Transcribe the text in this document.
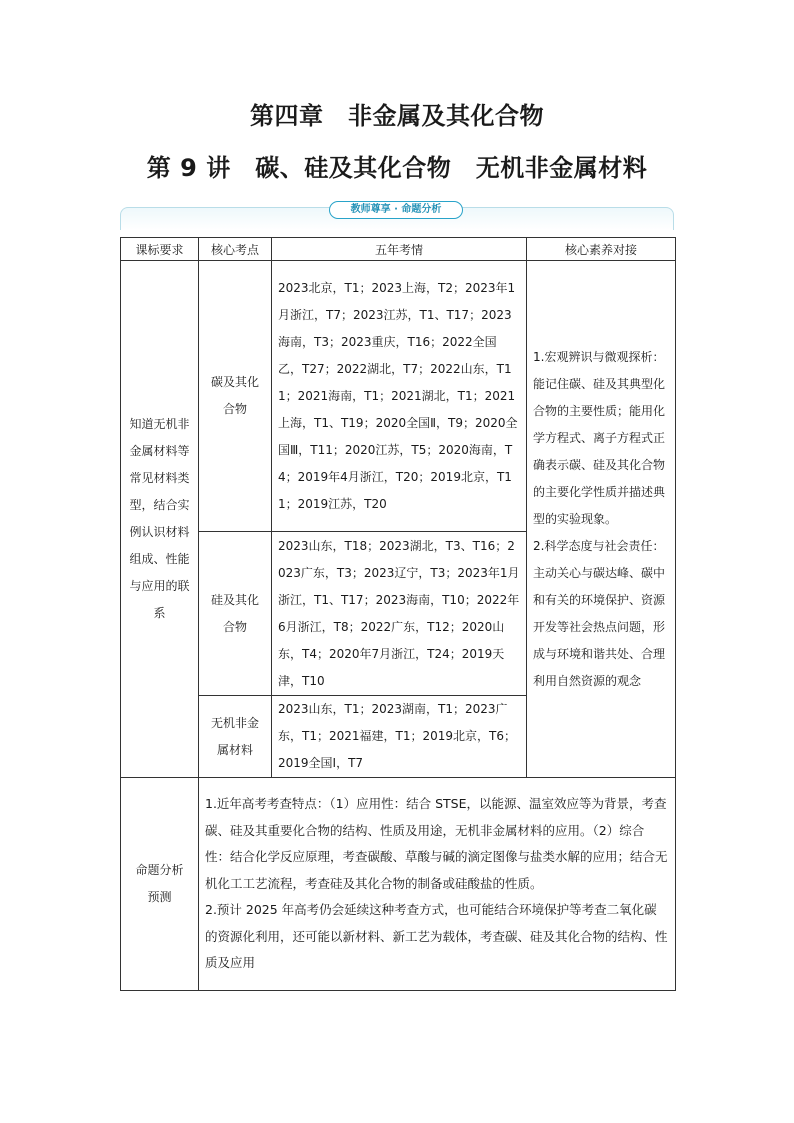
第四章　非金属及其化合物
第 9 讲　碳、硅及其化合物　无机非金属材料
教师尊享 · 命题分析
课标要求	核心考点	五年考情	核心素养对接

知道无机非金属材料等常见材料类型，结合实例认识材料组成、性能与应用的联系	碳及其化合物	2023北京，T1；2023上海，T2；2023年1月浙江，T7；2023江苏，T1、T17；2023海南，T3；2023重庆，T16；2022全国乙，T27；2022湖北，T7；2022山东，T11；2021海南，T1；2021湖北，T1；2021上海，T1、T19；2020全国Ⅱ，T9；2020全国Ⅲ，T11；2020江苏，T5；2020海南，T4；2019年4月浙江，T20；2019北京，T11；2019江苏，T20	1.宏观辨识与微观探析：能记住碳、硅及其典型化合物的主要性质；能用化学方程式、离子方程式正确表示碳、硅及其化合物的主要化学性质并描述典型的实验现象。
2.科学态度与社会责任：主动关心与碳达峰、碳中和有关的环境保护、资源开发等社会热点问题，形成与环境和谐共处、合理利用自然资源的观念

	硅及其化合物	2023山东，T18；2023湖北，T3、T16；2023广东，T3；2023辽宁，T3；2023年1月浙江，T1、T17；2023海南，T10；2022年6月浙江，T8；2022广东，T12；2020山东，T4；2020年7月浙江，T24；2019天津，T10	

	无机非金属材料	2023山东，T1；2023湖南，T1；2023广东，T1；2021福建，T1；2019北京，T6；2019全国Ⅰ，T7	

命题分析预测	1.近年高考考查特点：（1）应用性：结合 STSE，以能源、温室效应等为背景，考查碳、硅及其重要化合物的结构、性质及用途，无机非金属材料的应用。（2）综合性：结合化学反应原理，考查碳酸、草酸与碱的滴定图像与盐类水解的应用；结合无机化工工艺流程，考查硅及其化合物的制备或硅酸盐的性质。

2.预计 2025 年高考仍会延续这种考查方式，也可能结合环境保护等考查二氧化碳的资源化利用，还可能以新材料、新工艺为载体，考查碳、硅及其化合物的结构、性质及应用		
